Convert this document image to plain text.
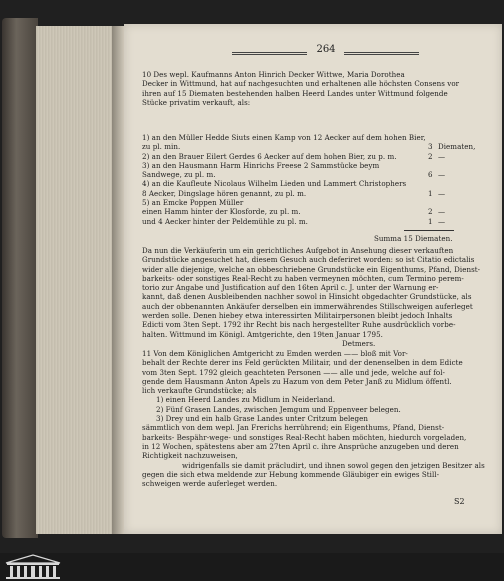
264
10 Des wepl. Kaufmanns Anton Hinrich Decker Wittwe, Maria Dorothea
Decker in Wittmund, hat auf nachgesuchten und erhaltenen alle höchsten Consens vor
ihren auf 15 Diematen bestehenden halben Heerd Landes unter Wittmund folgende
Stücke privatim verkauft, als:
1) an den Müller Hedde Siuts einen Kamp von 12 Aecker auf dem hohen Bier,
zu pl. min.	3 Diematen,
2) an den Brauer Eilert Gerdes 6 Aecker auf dem hohen Bier, zu p. m.	2 —
3) an den Hausmann Harm Hinrichs Freese 2 Sammstücke beym
Sandwege, zu pl. m.	6 —
4) an die Kaufleute Nicolaus Wilhelm Lieden und Lammert Christophers
8 Aecker, Dingslage hören genannt, zu pl. m.	1 —
5) an Emcke Poppen Müller
einen Hamm hinter der Klosforde, zu pl. m.	2 —
und 4 Aecker hinter der Peldemühle zu pl. m.	1 —
Summa 15 Diematen.
Da nun die Verkäuferin um ein gerichtliches Aufgebot in Ansehung dieser verkauften
Grundstücke angesuchet hat, diesem Gesuch auch deferiret worden: so ist Citatio edictalis
wider alle diejenige, welche an obbeschriebene Grundstücke ein Eigenthums, Pfand, Dienst-
barkeits- oder sonstiges Real-Recht zu haben vermeynen möchten, cum Termino perem-
torio zur Angabe und Justification auf den 16ten April c. J. unter der Warnung er-
kannt, daß denen Ausbleibenden nachher sowol in Hinsicht obgedachter Grundstücke, als
auch der obbenannten Ankäufer derselben ein immerwährendes Stillschweigen auferleget
werden solle. Denen hiebey etwa interessirten Militairpersonen bleibt jedoch Inhalts
Edicti vom 3ten Sept. 1792 ihr Recht bis nach hergestellter Ruhe ausdrücklich vorbe-
halten. Wittmund im Königl. Amtgerichte, den 19ten Januar 1795.
Detmers.
11 Von dem Königlichen Amtgericht zu Emden werden —— bloß mit Vor-
behalt der Rechte derer ins Feld gerückten Militair, und der denenselben in dem Edicte
vom 3ten Sept. 1792 gleich geachteten Personen —— alle und jede, welche auf fol-
gende dem Hausmann Anton Apels zu Hazum von dem Peter Janß zu Midlum öffentl.
lich verkaufte Grundstücke; als
1) einen Heerd Landes zu Midlum in Neiderland.
2) Fünf Grasen Landes, zwischen Jemgum und Eppenveer belegen.
3) Drey und ein halb Grase Landes unter Critzum belegen
sämmtlich von dem wepl. Jan Frerichs herrührend; ein Eigenthums, Pfand, Dienst-
barkeits- Bespähr-wege- und sonstiges Real-Recht haben möchten, hiedurch vorgeladen,
in 12 Wochen, spätestens aber am 27ten April c. ihre Ansprüche anzugeben und deren
Richtigkeit nachzuweisen,
widrigenfalls sie damit präcludirt, und ihnen sowol gegen den jetzigen Besitzer als
gegen die sich etwa meldende zur Hebung kommende Gläubiger ein ewiges Still-
schweigen werde auferleget werden.
S2
